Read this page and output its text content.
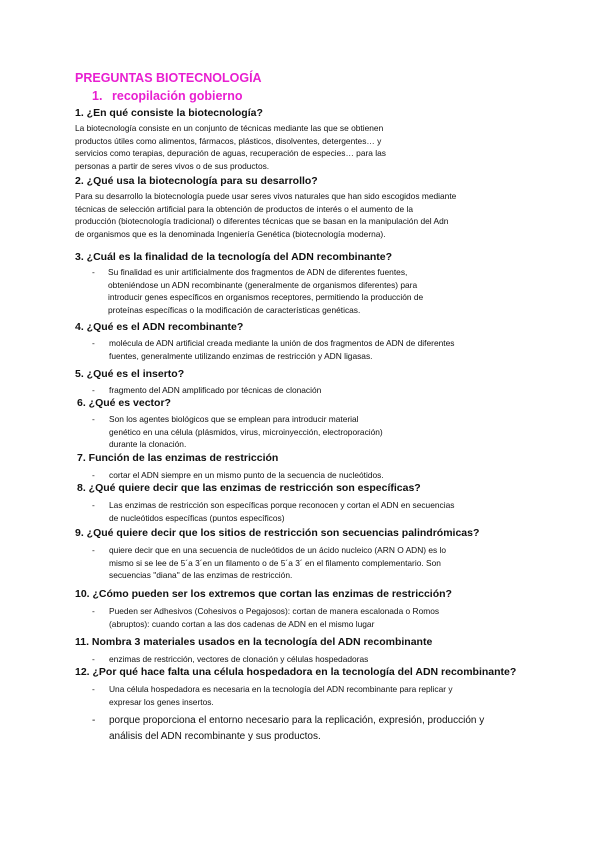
PREGUNTAS BIOTECNOLOGÍA
1. recopilación gobierno
1. ¿En qué consiste la biotecnología?
La biotecnología consiste en un conjunto de técnicas mediante las que se obtienen
productos útiles como alimentos, fármacos, plásticos, disolventes, detergentes… y
servicios como terapias, depuración de aguas, recuperación de especies… para las
personas a partir de seres vivos o de sus productos.
2. ¿Qué usa la biotecnología para su desarrollo?
Para su desarrollo la biotecnología puede usar seres vivos naturales que han sido escogidos mediante
técnicas de selección artificial para la obtención de productos de interés o el aumento de la
producción (biotecnología tradicional) o diferentes técnicas que se basan en la manipulación del Adn
de organismos que es la denominada Ingeniería Genética (biotecnología moderna).
3. ¿Cuál es la finalidad de la tecnología del ADN recombinante?
- Su finalidad es unir artificialmente dos fragmentos de ADN de diferentes fuentes,
obteniéndose un ADN recombinante (generalmente de organismos diferentes) para
introducir genes específicos en organismos receptores, permitiendo la producción de
proteínas específicas o la modificación de características genéticas.
4. ¿Qué es el ADN recombinante?
- molécula de ADN artificial creada mediante la unión de dos fragmentos de ADN de diferentes
fuentes, generalmente utilizando enzimas de restricción y ADN ligasas.
5. ¿Qué es el inserto?
- fragmento del ADN amplificado por técnicas de clonación
6. ¿Qué es vector?
- Son los agentes biológicos que se emplean para introducir material
genético en una célula (plásmidos, virus, microinyección, electroporación)
durante la clonación.
7. Función de las enzimas de restricción
- cortar el ADN siempre en un mismo punto de la secuencia de nucleótidos.
8. ¿Qué quiere decir que las enzimas de restricción son específicas?
- Las enzimas de restricción son específicas porque reconocen y cortan el ADN en secuencias
de nucleótidos específicas (puntos específicos)
9. ¿Qué quiere decir que los sitios de restricción son secuencias palindrómicas?
- quiere decir que en una secuencia de nucleótidos de un ácido nucleico (ARN O ADN) es lo
mismo si se lee de 5´a 3´en un filamento o de 5´a 3´ en el filamento complementario. Son
secuencias "diana" de las enzimas de restricción.
10. ¿Cómo pueden ser los extremos que cortan las enzimas de restricción?
- Pueden ser Adhesivos (Cohesivos o Pegajosos): cortan de manera escalonada o Romos
(abruptos): cuando cortan a las dos cadenas de ADN en el mismo lugar
11. Nombra 3 materiales usados en la tecnología del ADN recombinante
- enzimas de restricción, vectores de clonación y células hospedadoras
12. ¿Por qué hace falta una célula hospedadora en la tecnología del ADN recombinante?
- Una célula hospedadora es necesaria en la tecnología del ADN recombinante para replicar y
expresar los genes insertos.
- porque proporciona el entorno necesario para la replicación, expresión, producción y
análisis del ADN recombinante y sus productos.
